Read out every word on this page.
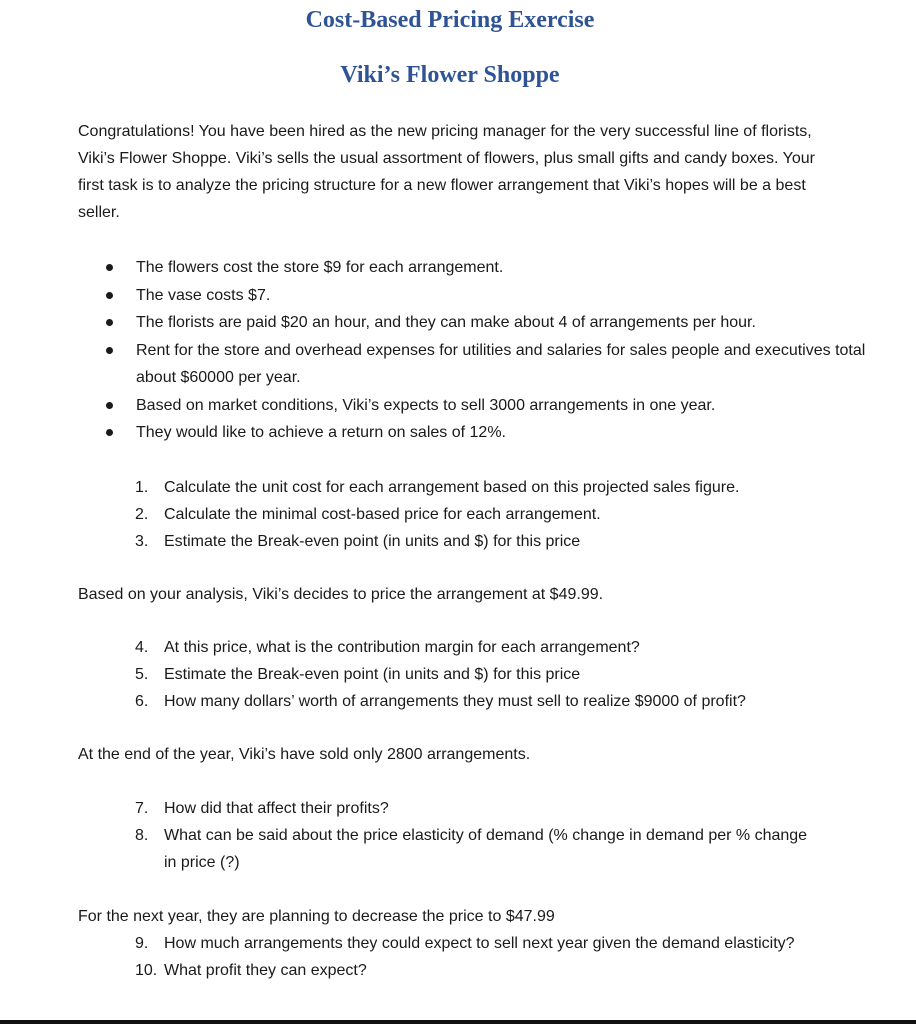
Cost-Based Pricing Exercise
Viki’s Flower Shoppe

Congratulations! You have been hired as the new pricing manager for the very successful line of florists, Viki’s Flower Shoppe. Viki’s sells the usual assortment of flowers, plus small gifts and candy boxes. Your first task is to analyze the pricing structure for a new flower arrangement that Viki’s hopes will be a best seller.

The flowers cost the store $9 for each arrangement.
The vase costs $7.
The florists are paid $20 an hour, and they can make about 4 of arrangements per hour.
Rent for the store and overhead expenses for utilities and salaries for sales people and executives total about $60000 per year.
Based on market conditions, Viki’s expects to sell 3000 arrangements in one year.
They would like to achieve a return on sales of 12%.
1. Calculate the unit cost for each arrangement based on this projected sales figure.
2. Calculate the minimal cost-based price for each arrangement.
3. Estimate the Break-even point (in units and $) for this price

Based on your analysis, Viki’s decides to price the arrangement at $49.99.

4. At this price, what is the contribution margin for each arrangement?
5. Estimate the Break-even point (in units and $) for this price
6. How many dollars’ worth of arrangements they must sell to realize $9000 of profit?

At the end of the year, Viki’s have sold only 2800 arrangements.

7. How did that affect their profits?
8. What can be said about the price elasticity of demand (% change in demand per % change in price (?)

For the next year, they are planning to decrease the price to $47.99

9. How much arrangements they could expect to sell next year given the demand elasticity?
10. What profit they can expect?
